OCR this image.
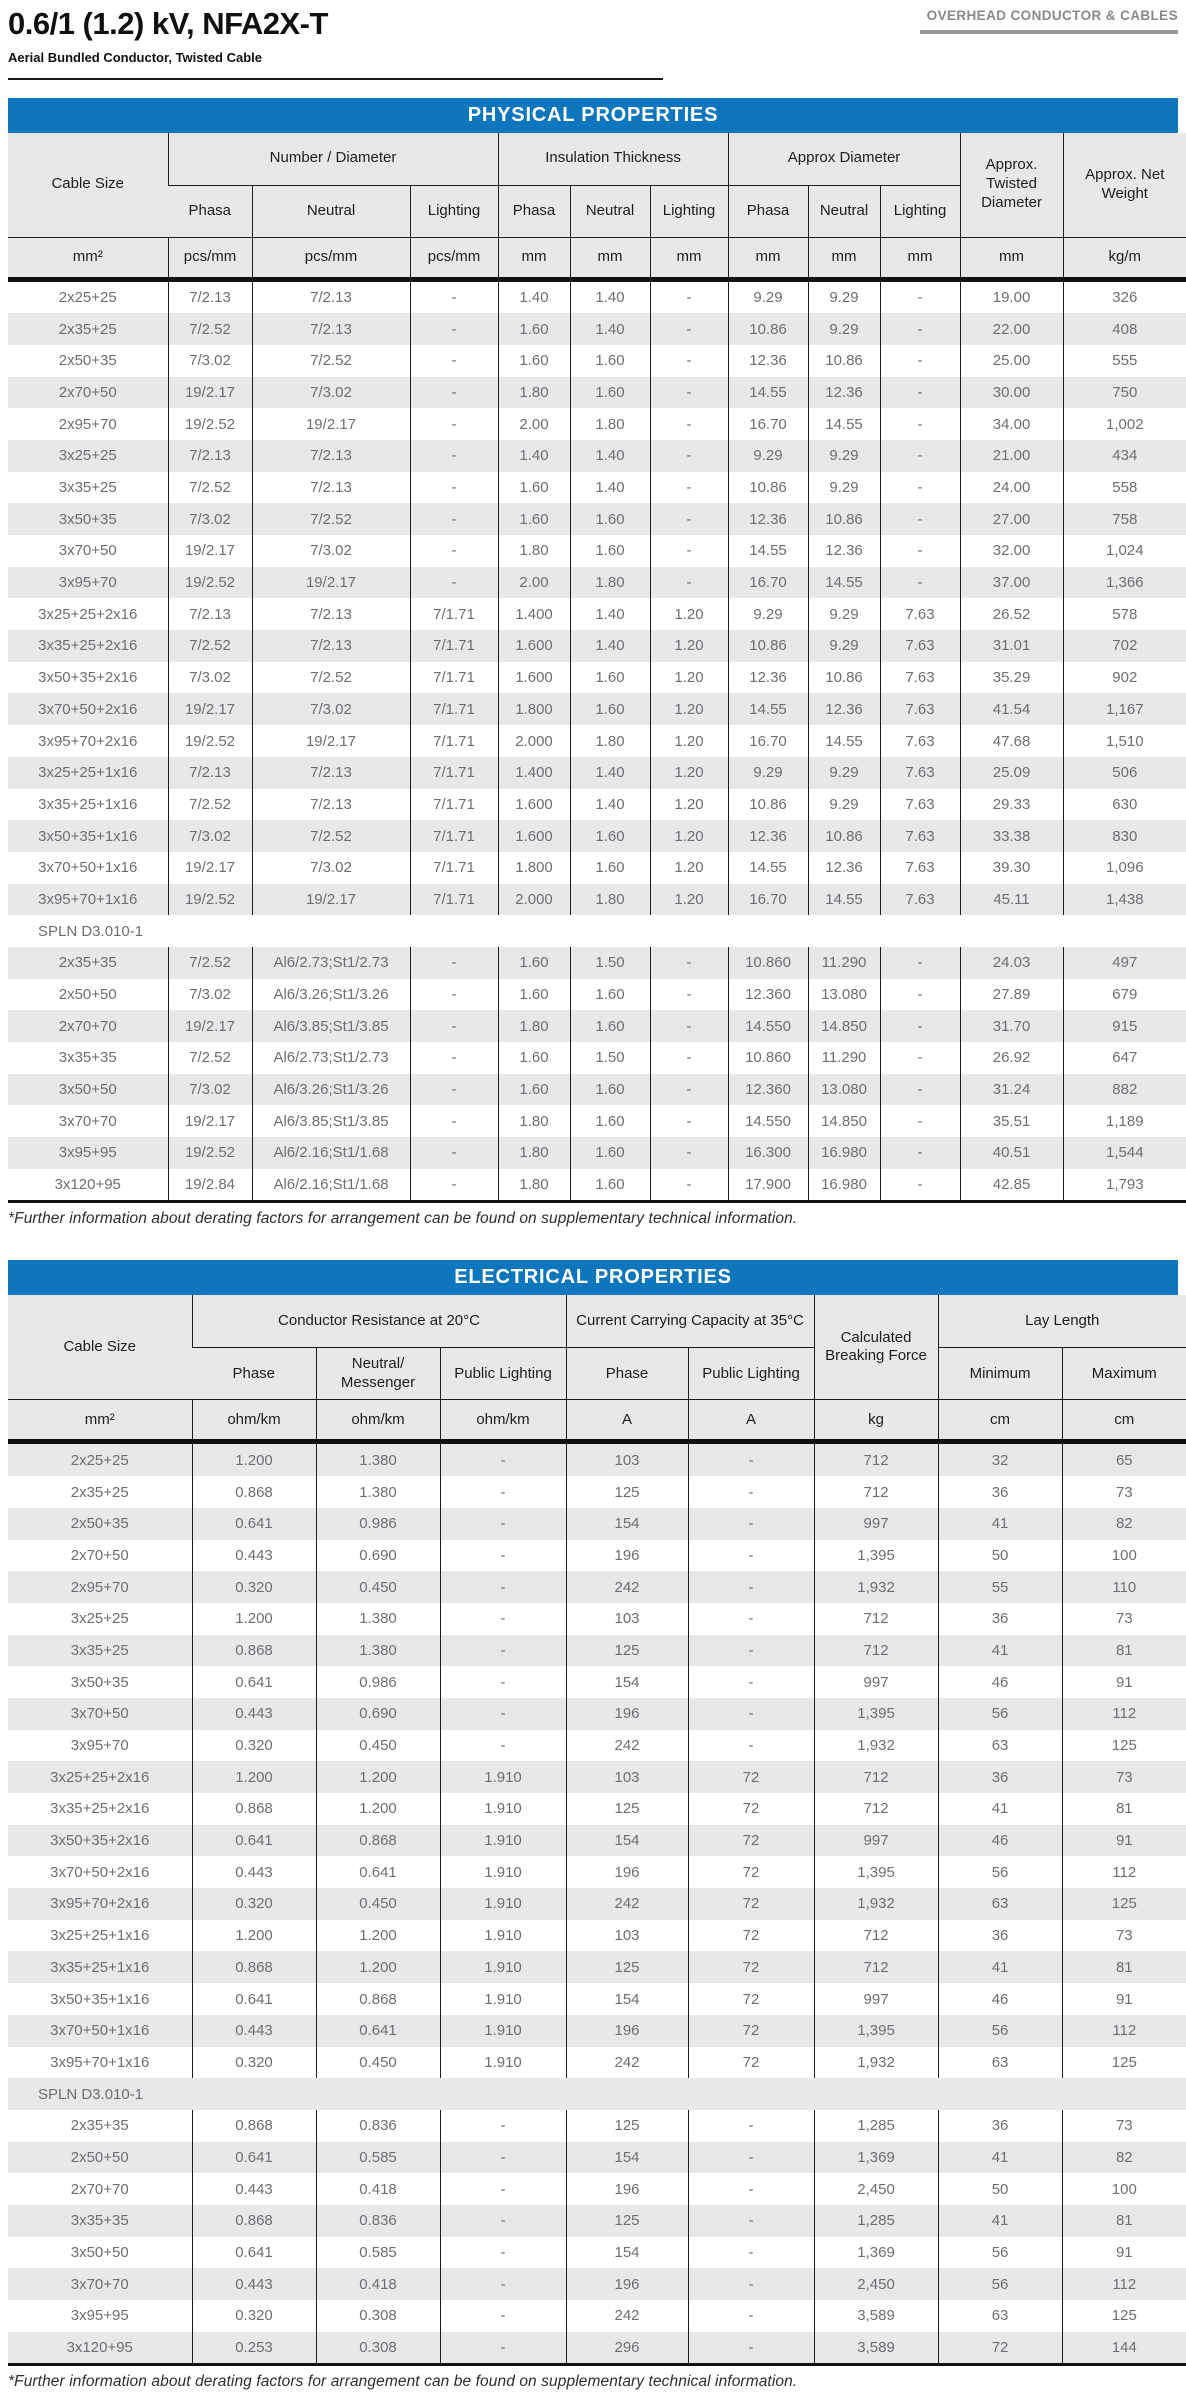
0.6/1 (1.2) kV, NFA2X-T	OVERHEAD CONDUCTOR & CABLES
Aerial Bundled Conductor, Twisted Cable
PHYSICAL PROPERTIES
Cable Size	Number / Diameter			Insulation Thickness			Approx Diameter			Approx. Twisted Diameter	Approx. Net Weight
	Phasa	Neutral	Lighting	Phasa	Neutral	Lighting	Phasa	Neutral	Lighting		
mm²	pcs/mm	pcs/mm	pcs/mm	mm	mm	mm	mm	mm	mm	mm	kg/m
2x25+25	7/2.13	7/2.13	-	1.40	1.40	-	9.29	9.29	-	19.00	326
2x35+25	7/2.52	7/2.13	-	1.60	1.40	-	10.86	9.29	-	22.00	408
2x50+35	7/3.02	7/2.52	-	1.60	1.60	-	12.36	10.86	-	25.00	555
2x70+50	19/2.17	7/3.02	-	1.80	1.60	-	14.55	12.36	-	30.00	750
2x95+70	19/2.52	19/2.17	-	2.00	1.80	-	16.70	14.55	-	34.00	1,002
3x25+25	7/2.13	7/2.13	-	1.40	1.40	-	9.29	9.29	-	21.00	434
3x35+25	7/2.52	7/2.13	-	1.60	1.40	-	10.86	9.29	-	24.00	558
3x50+35	7/3.02	7/2.52	-	1.60	1.60	-	12.36	10.86	-	27.00	758
3x70+50	19/2.17	7/3.02	-	1.80	1.60	-	14.55	12.36	-	32.00	1,024
3x95+70	19/2.52	19/2.17	-	2.00	1.80	-	16.70	14.55	-	37.00	1,366
3x25+25+2x16	7/2.13	7/2.13	7/1.71	1.400	1.40	1.20	9.29	9.29	7.63	26.52	578
3x35+25+2x16	7/2.52	7/2.13	7/1.71	1.600	1.40	1.20	10.86	9.29	7.63	31.01	702
3x50+35+2x16	7/3.02	7/2.52	7/1.71	1.600	1.60	1.20	12.36	10.86	7.63	35.29	902
3x70+50+2x16	19/2.17	7/3.02	7/1.71	1.800	1.60	1.20	14.55	12.36	7.63	41.54	1,167
3x95+70+2x16	19/2.52	19/2.17	7/1.71	2.000	1.80	1.20	16.70	14.55	7.63	47.68	1,510
3x25+25+1x16	7/2.13	7/2.13	7/1.71	1.400	1.40	1.20	9.29	9.29	7.63	25.09	506
3x35+25+1x16	7/2.52	7/2.13	7/1.71	1.600	1.40	1.20	10.86	9.29	7.63	29.33	630
3x50+35+1x16	7/3.02	7/2.52	7/1.71	1.600	1.60	1.20	12.36	10.86	7.63	33.38	830
3x70+50+1x16	19/2.17	7/3.02	7/1.71	1.800	1.60	1.20	14.55	12.36	7.63	39.30	1,096
3x95+70+1x16	19/2.52	19/2.17	7/1.71	2.000	1.80	1.20	16.70	14.55	7.63	45.11	1,438
SPLN D3.010-1											
2x35+35	7/2.52	Al6/2.73;St1/2.73	-	1.60	1.50	-	10.860	11.290	-	24.03	497
2x50+50	7/3.02	Al6/3.26;St1/3.26	-	1.60	1.60	-	12.360	13.080	-	27.89	679
2x70+70	19/2.17	Al6/3.85;St1/3.85	-	1.80	1.60	-	14.550	14.850	-	31.70	915
3x35+35	7/2.52	Al6/2.73;St1/2.73	-	1.60	1.50	-	10.860	11.290	-	26.92	647
3x50+50	7/3.02	Al6/3.26;St1/3.26	-	1.60	1.60	-	12.360	13.080	-	31.24	882
3x70+70	19/2.17	Al6/3.85;St1/3.85	-	1.80	1.60	-	14.550	14.850	-	35.51	1,189
3x95+95	19/2.52	Al6/2.16;St1/1.68	-	1.80	1.60	-	16.300	16.980	-	40.51	1,544
3x120+95	19/2.84	Al6/2.16;St1/1.68	-	1.80	1.60	-	17.900	16.980	-	42.85	1,793
*Further information about derating factors for arrangement can be found on supplementary technical information.
ELECTRICAL PROPERTIES
Cable Size	Conductor Resistance at 20°C			Current Carrying Capacity at 35°C		Calculated Breaking Force	Lay Length	
	Phase	Neutral/ Messenger	Public Lighting	Phase	Public Lighting		Minimum	Maximum
mm²	ohm/km	ohm/km	ohm/km	A	A	kg	cm	cm
2x25+25	1.200	1.380	-	103	-	712	32	65
2x35+25	0.868	1.380	-	125	-	712	36	73
2x50+35	0.641	0.986	-	154	-	997	41	82
2x70+50	0.443	0.690	-	196	-	1,395	50	100
2x95+70	0.320	0.450	-	242	-	1,932	55	110
3x25+25	1.200	1.380	-	103	-	712	36	73
3x35+25	0.868	1.380	-	125	-	712	41	81
3x50+35	0.641	0.986	-	154	-	997	46	91
3x70+50	0.443	0.690	-	196	-	1,395	56	112
3x95+70	0.320	0.450	-	242	-	1,932	63	125
3x25+25+2x16	1.200	1.200	1.910	103	72	712	36	73
3x35+25+2x16	0.868	1.200	1.910	125	72	712	41	81
3x50+35+2x16	0.641	0.868	1.910	154	72	997	46	91
3x70+50+2x16	0.443	0.641	1.910	196	72	1,395	56	112
3x95+70+2x16	0.320	0.450	1.910	242	72	1,932	63	125
3x25+25+1x16	1.200	1.200	1.910	103	72	712	36	73
3x35+25+1x16	0.868	1.200	1.910	125	72	712	41	81
3x50+35+1x16	0.641	0.868	1.910	154	72	997	46	91
3x70+50+1x16	0.443	0.641	1.910	196	72	1,395	56	112
3x95+70+1x16	0.320	0.450	1.910	242	72	1,932	63	125
SPLN D3.010-1								
2x35+35	0.868	0.836	-	125	-	1,285	36	73
2x50+50	0.641	0.585	-	154	-	1,369	41	82
2x70+70	0.443	0.418	-	196	-	2,450	50	100
3x35+35	0.868	0.836	-	125	-	1,285	41	81
3x50+50	0.641	0.585	-	154	-	1,369	56	91
3x70+70	0.443	0.418	-	196	-	2,450	56	112
3x95+95	0.320	0.308	-	242	-	3,589	63	125
3x120+95	0.253	0.308	-	296	-	3,589	72	144
*Further information about derating factors for arrangement can be found on supplementary technical information.
